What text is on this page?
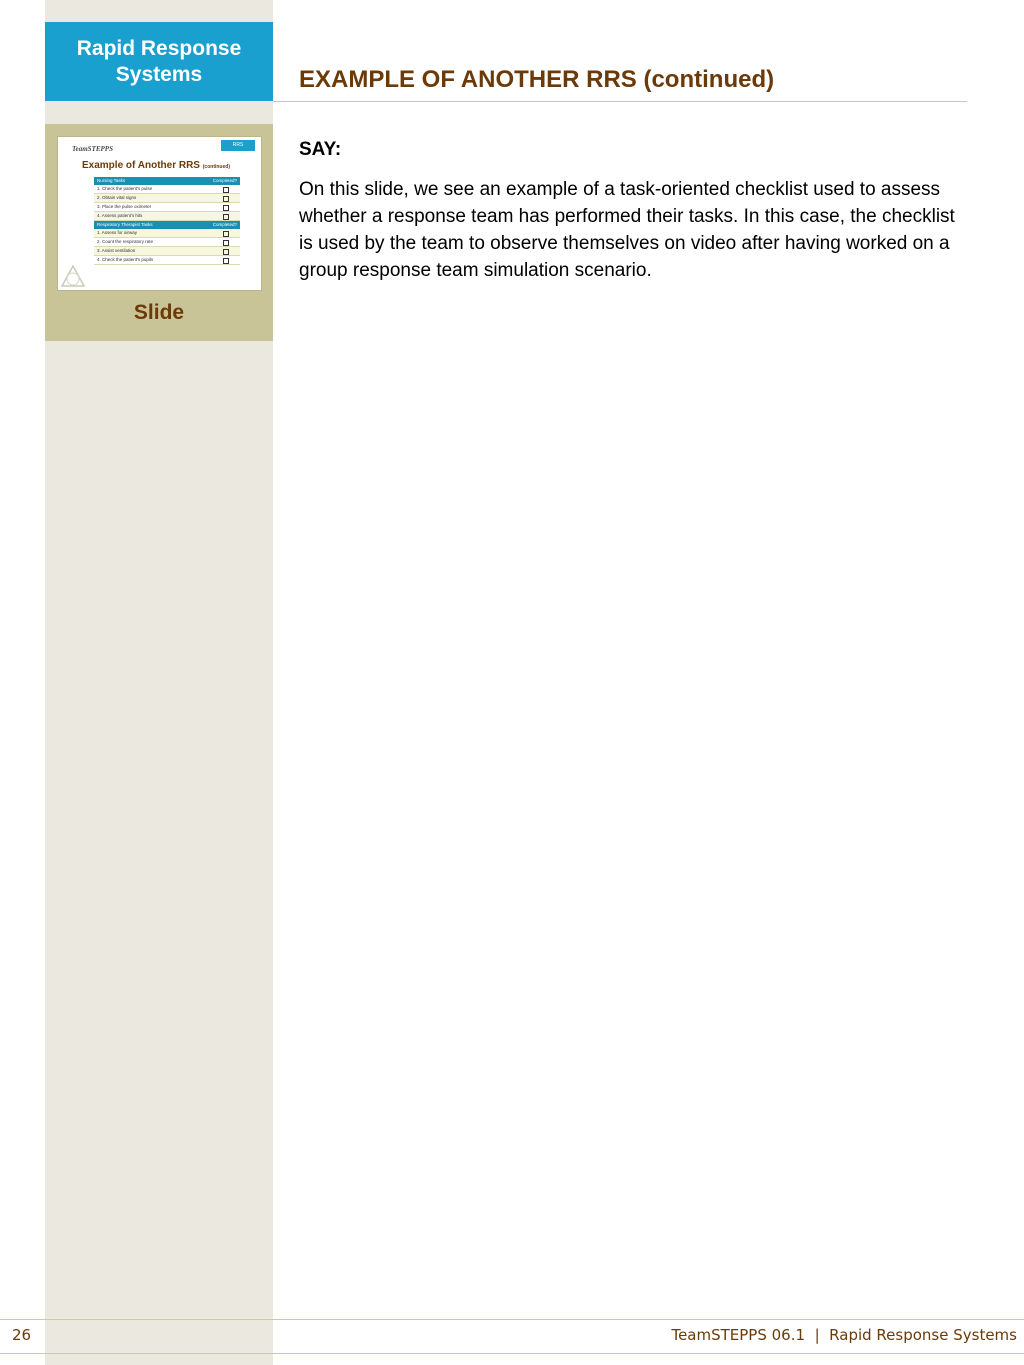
Rapid Response
Systems	EXAMPLE OF ANOTHER RRS (continued)
TeamSTEPPS	RRS
Example of Another RRS (continued)
Nursing Tasks	Completed?
1. Check the patient's pulse
2. Obtain vital signs
3. Place the pulse oximeter
4. Assess patient's hits
Respiratory Therapist Tasks	Completed?
1. Assess for airway
2. Count the respiratory rate
3. Assist ventilation
4. Check the patient's pupils
Slide

SAY:

On this slide, we see an example of a task-oriented checklist used to assess whether a response team has performed their tasks. In this case, the checklist is used by the team to observe themselves on video after having worked on a group response team simulation scenario.

26	TeamSTEPPS 06.1  |  Rapid Response Systems
